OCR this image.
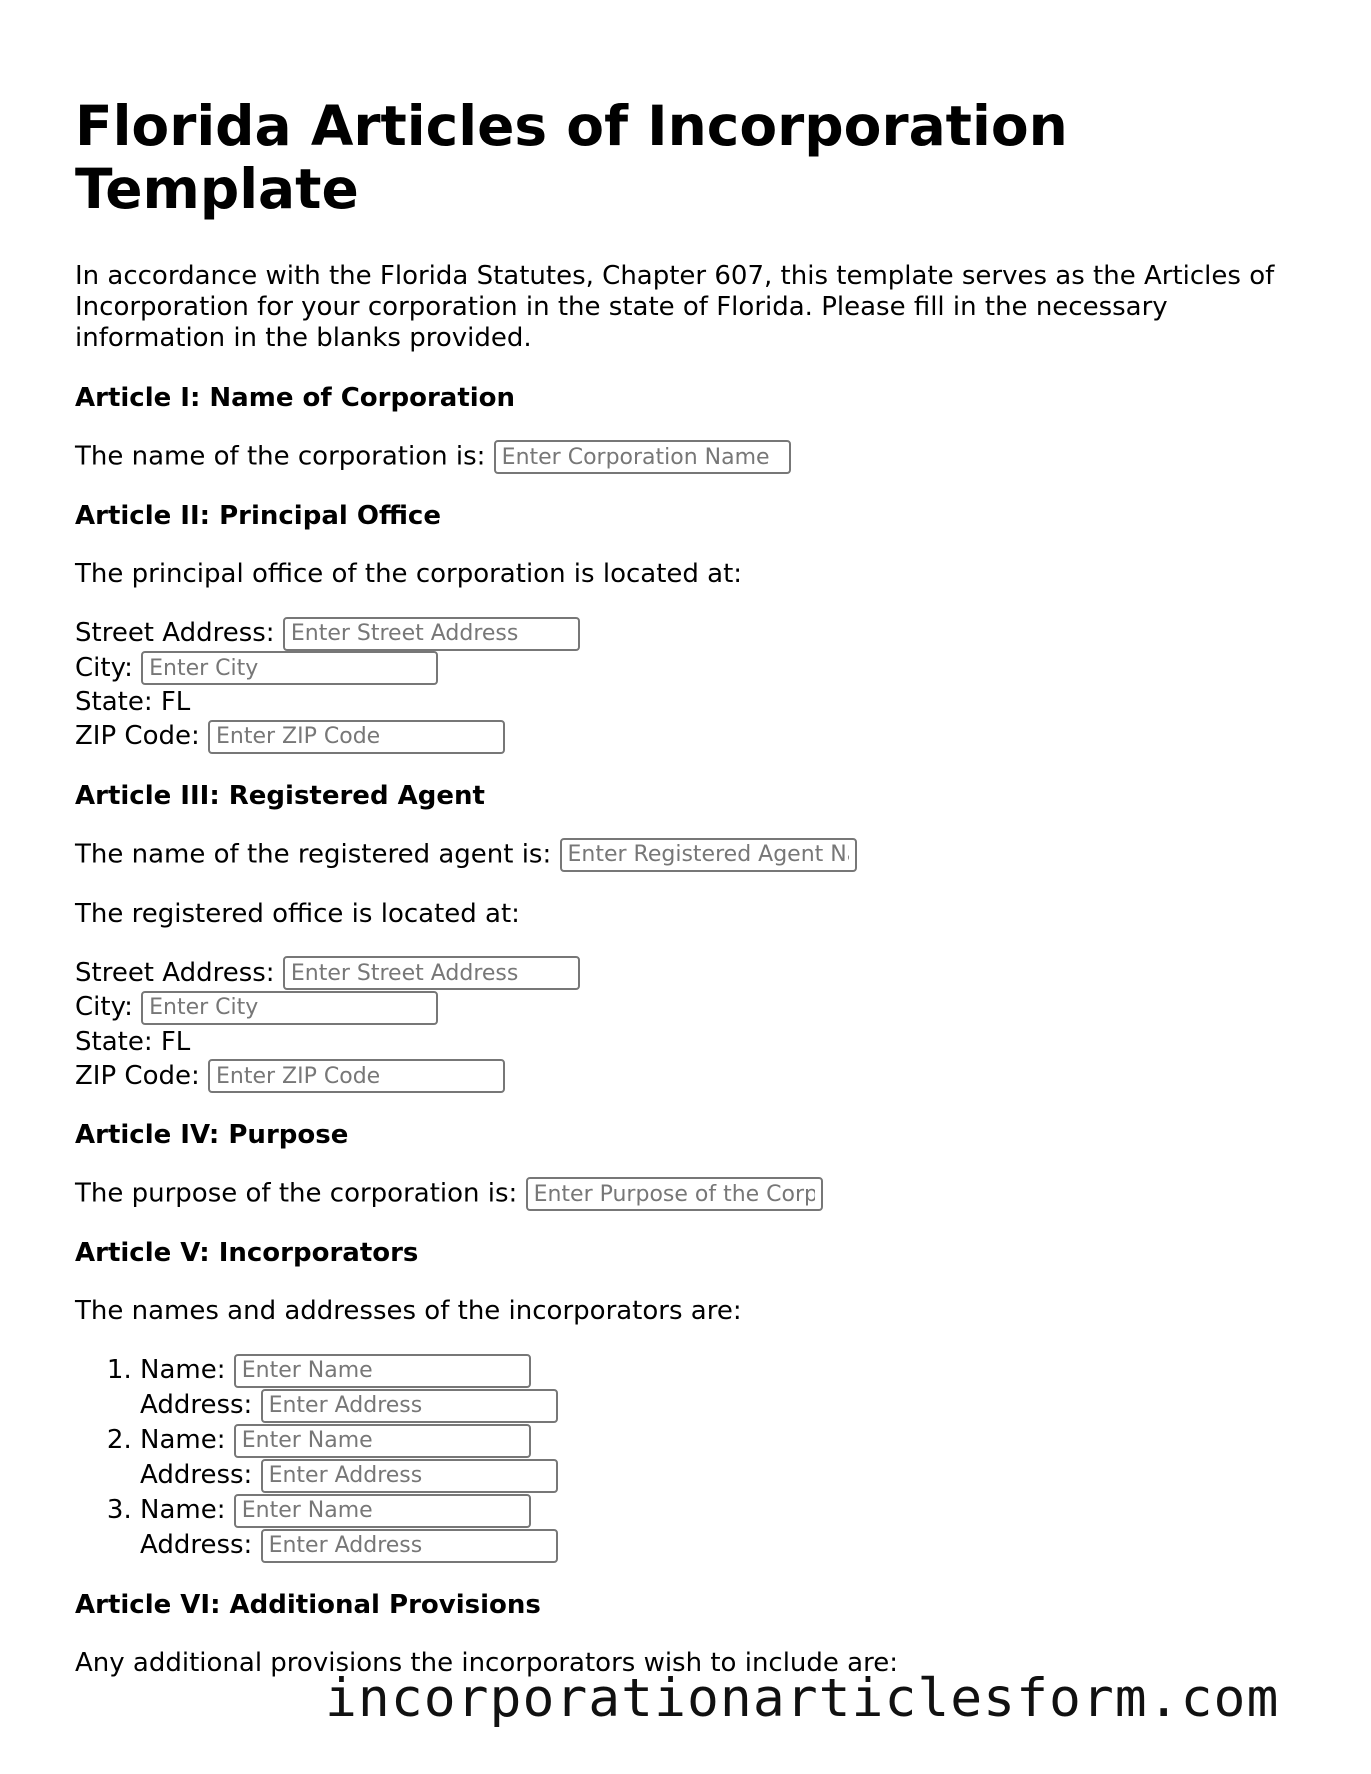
Florida Articles of Incorporation Template

In accordance with the Florida Statutes, Chapter 607, this template serves as the Articles of Incorporation for your corporation in the state of Florida. Please fill in the necessary information in the blanks provided.

Article I: Name of Corporation

The name of the corporation is: Enter Corporation Name

Article II: Principal Office

The principal office of the corporation is located at:

Street Address: Enter Street Address
City: Enter City
State: FL
ZIP Code: Enter ZIP Code
Article III: Registered Agent

The name of the registered agent is: Enter Registered Agent Name

The registered office is located at:

Street Address: Enter Street Address
City: Enter City
State: FL
ZIP Code: Enter ZIP Code
Article IV: Purpose

The purpose of the corporation is: Enter Purpose of the Corporation

Article V: Incorporators

The names and addresses of the incorporators are:

1. Name: Enter Name
Address: Enter Address
2. Name: Enter Name
Address: Enter Address
3. Name: Enter Name
Address: Enter Address
Article VI: Additional Provisions

Any additional provisions the incorporators wish to include are:

incorporationarticlesform.com
